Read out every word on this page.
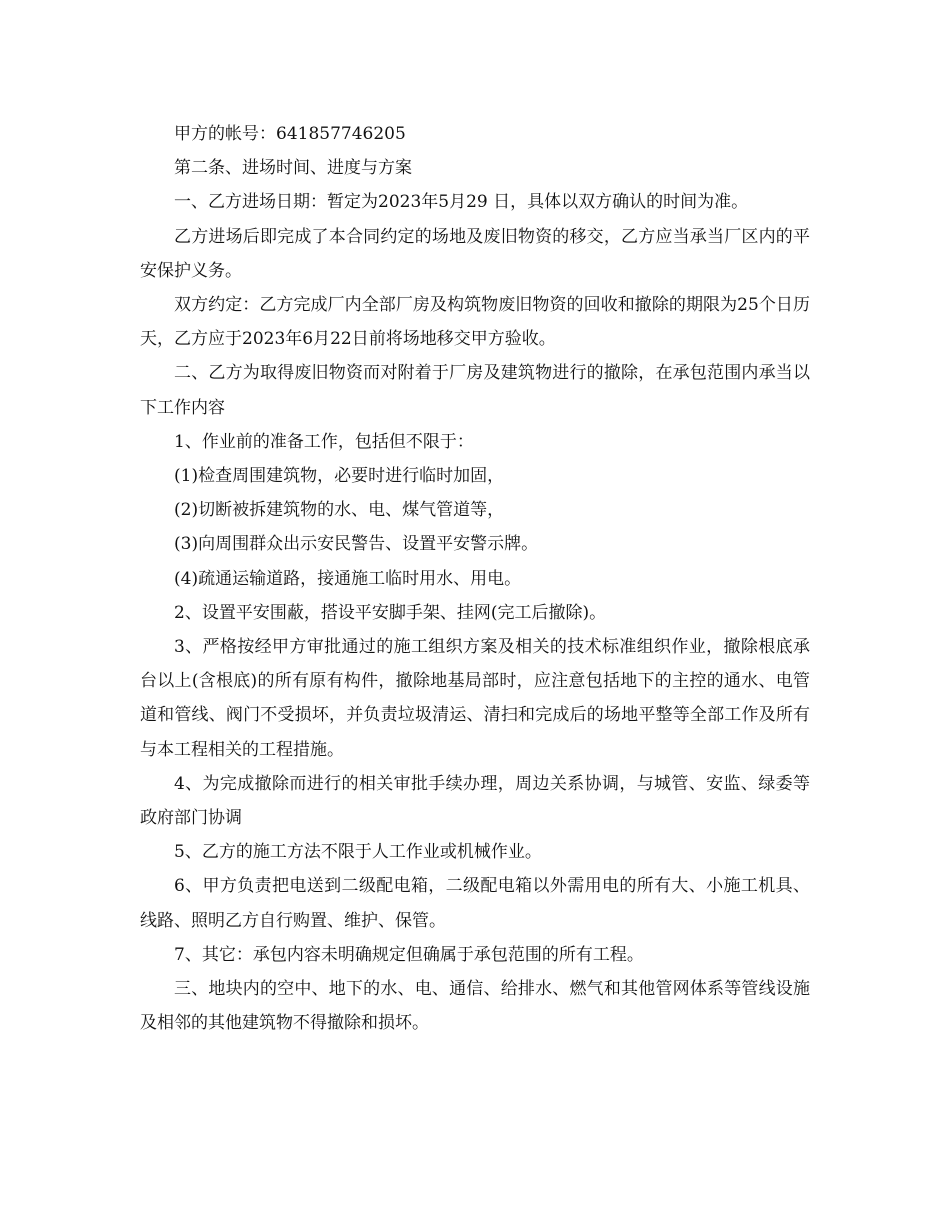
甲方的帐号：641857746205

第二条、进场时间、进度与方案

一、乙方进场日期：暂定为2023年5月29 日，具体以双方确认的时间为准。

乙方进场后即完成了本合同约定的场地及废旧物资的移交，乙方应当承当厂区内的平安保护义务。

双方约定：乙方完成厂内全部厂房及构筑物废旧物资的回收和撤除的期限为25个日历天，乙方应于2023年6月22日前将场地移交甲方验收。

二、乙方为取得废旧物资而对附着于厂房及建筑物进行的撤除，在承包范围内承当以下工作内容

1、作业前的准备工作，包括但不限于：

(1)检查周围建筑物，必要时进行临时加固，

(2)切断被拆建筑物的水、电、煤气管道等，

(3)向周围群众出示安民警告、设置平安警示牌。

(4)疏通运输道路，接通施工临时用水、用电。

2、设置平安围蔽，搭设平安脚手架、挂网(完工后撤除)。

3、严格按经甲方审批通过的施工组织方案及相关的技术标准组织作业，撤除根底承台以上(含根底)的所有原有构件，撤除地基局部时，应注意包括地下的主控的通水、电管道和管线、阀门不受损坏，并负责垃圾清运、清扫和完成后的场地平整等全部工作及所有与本工程相关的工程措施。

4、为完成撤除而进行的相关审批手续办理，周边关系协调，与城管、安监、绿委等政府部门协调

5、乙方的施工方法不限于人工作业或机械作业。

6、甲方负责把电送到二级配电箱，二级配电箱以外需用电的所有大、小施工机具、线路、照明乙方自行购置、维护、保管。

7、其它：承包内容未明确规定但确属于承包范围的所有工程。

三、地块内的空中、地下的水、电、通信、给排水、燃气和其他管网体系等管线设施及相邻的其他建筑物不得撤除和损坏。
